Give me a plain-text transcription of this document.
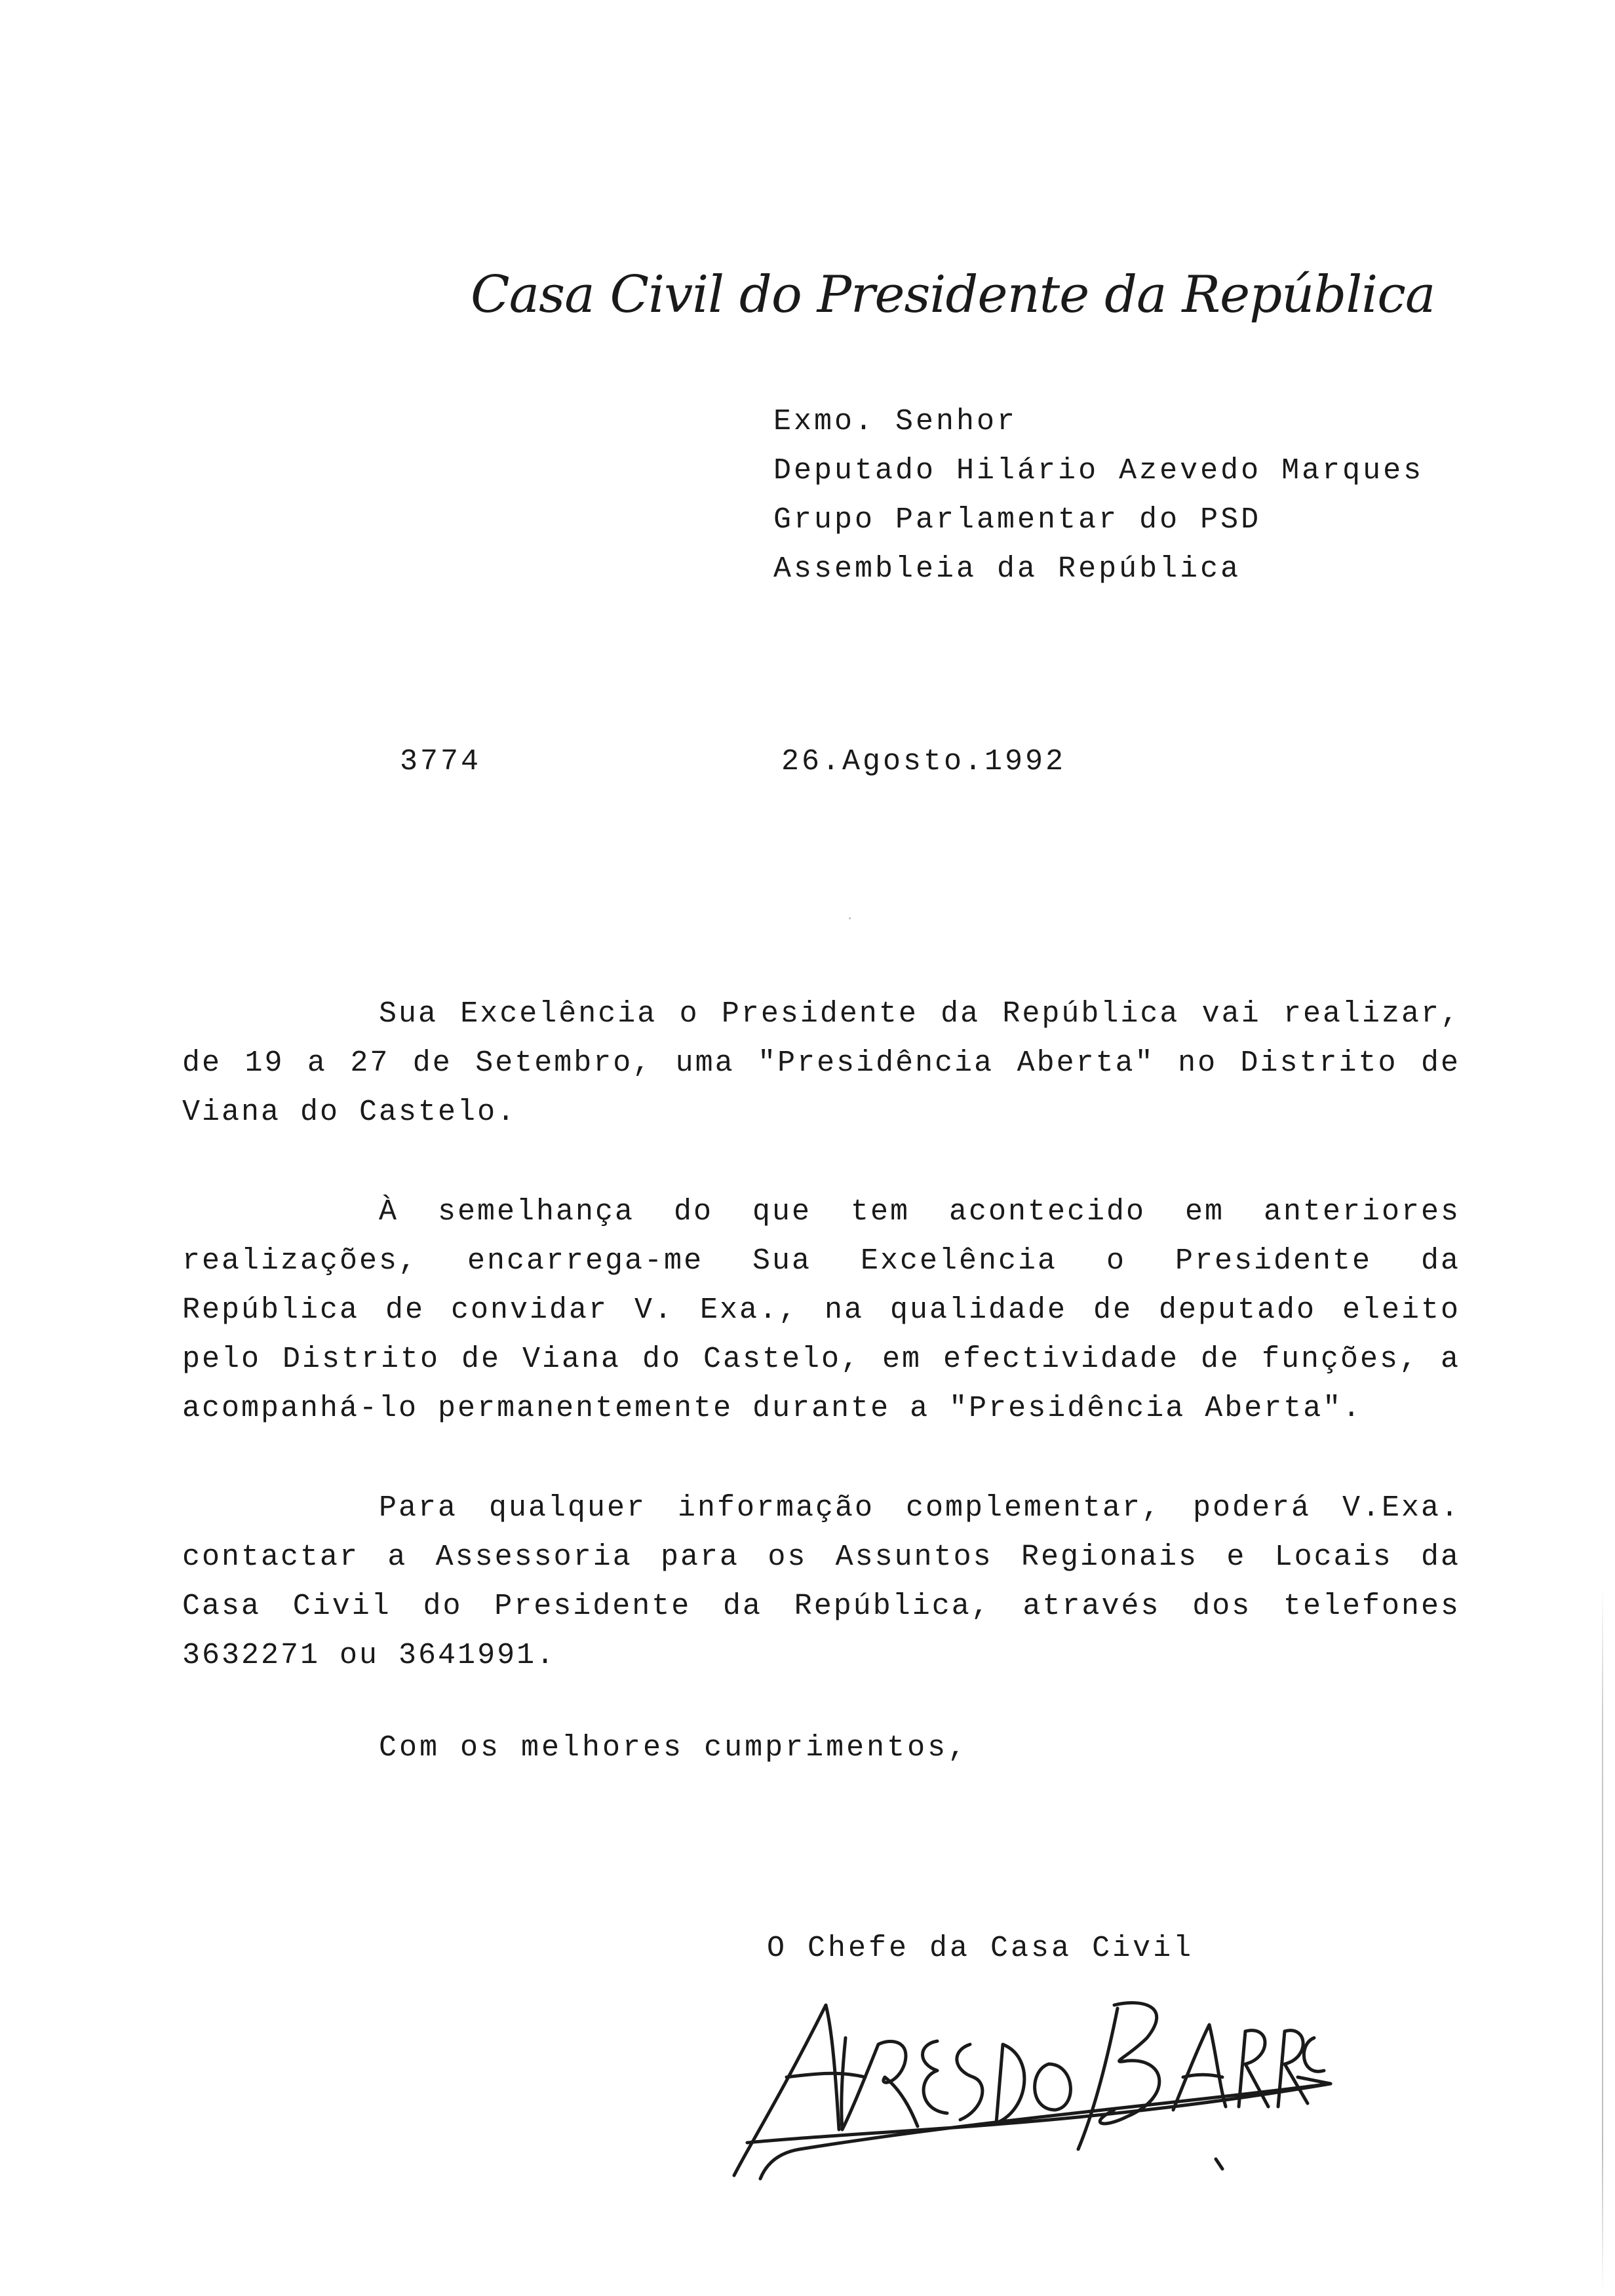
Casa Civil do Presidente da República
Exmo. Senhor
Deputado Hilário Azevedo Marques
Grupo Parlamentar do PSD
Assembleia da República
3774	26.Agosto.1992

Sua Excelência o Presidente da República vai realizar, de 19 a 27 de Setembro, uma "Presidência Aberta" no Distrito de Viana do Castelo.

À semelhança do que tem acontecido em anteriores realizações, encarrega-me Sua Excelência o Presidente da República de convidar V. Exa., na qualidade de deputado eleito pelo Distrito de Viana do Castelo, em efectividade de funções, a acompanhá-lo permanentemente durante a "Presidência Aberta".

Para qualquer informação complementar, poderá V.Exa. contactar a Assessoria para os Assuntos Regionais e Locais da Casa Civil do Presidente da República, através dos telefones 3632271 ou 3641991.

Com os melhores cumprimentos,
O Chefe da Casa Civil
